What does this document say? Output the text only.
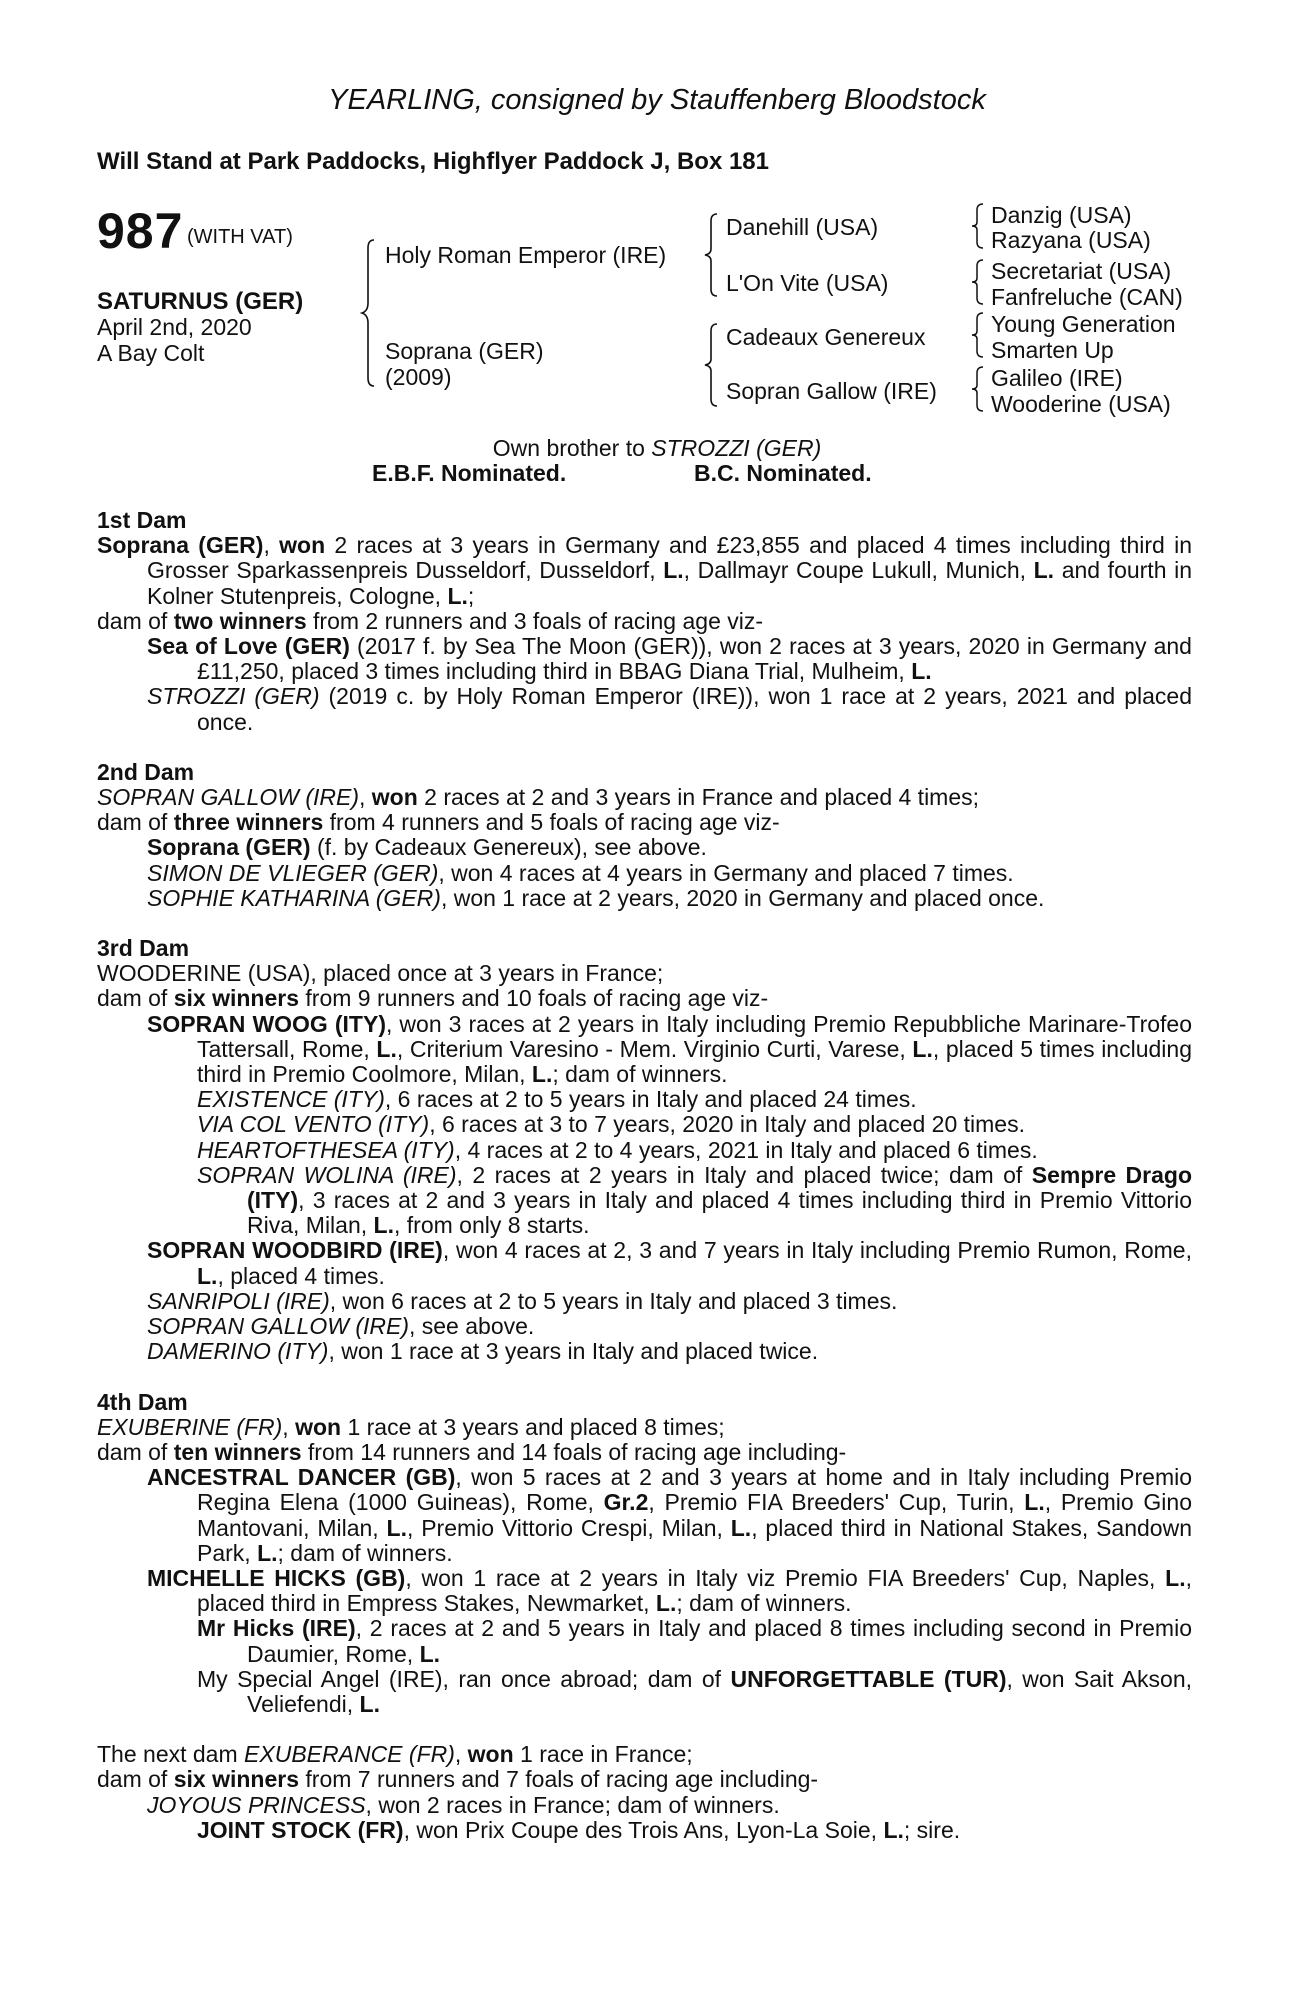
YEARLING, consigned by Stauffenberg Bloodstock
Will Stand at Park Paddocks, Highflyer Paddock J, Box 181
987 (WITH VAT)
SATURNUS (GER)
April 2nd, 2020
A Bay Colt
Holy Roman Emperor (IRE)
Soprana (GER)
(2009)
Danehill (USA)
L'On Vite (USA)
Cadeaux Genereux
Sopran Gallow (IRE)
Danzig (USA)
Razyana (USA)
Secretariat (USA)
Fanfreluche (CAN)
Young Generation
Smarten Up
Galileo (IRE)
Wooderine (USA)
Own brother to STROZZI (GER)
E.B.F. Nominated.	B.C. Nominated.

1st Dam

Soprana (GER), won 2 races at 3 years in Germany and £23,855 and placed 4 times including third in Grosser Sparkassenpreis Dusseldorf, Dusseldorf, L., Dallmayr Coupe Lukull, Munich, L. and fourth in Kolner Stutenpreis, Cologne, L.;

dam of two winners from 2 runners and 3 foals of racing age viz-

Sea of Love (GER) (2017 f. by Sea The Moon (GER)), won 2 races at 3 years, 2020 in Germany and £11,250, placed 3 times including third in BBAG Diana Trial, Mulheim, L.

STROZZI (GER) (2019 c. by Holy Roman Emperor (IRE)), won 1 race at 2 years, 2021 and placed once.

2nd Dam

SOPRAN GALLOW (IRE), won 2 races at 2 and 3 years in France and placed 4 times;

dam of three winners from 4 runners and 5 foals of racing age viz-

Soprana (GER) (f. by Cadeaux Genereux), see above.

SIMON DE VLIEGER (GER), won 4 races at 4 years in Germany and placed 7 times.

SOPHIE KATHARINA (GER), won 1 race at 2 years, 2020 in Germany and placed once.

3rd Dam

WOODERINE (USA), placed once at 3 years in France;

dam of six winners from 9 runners and 10 foals of racing age viz-

SOPRAN WOOG (ITY), won 3 races at 2 years in Italy including Premio Repubbliche Marinare-Trofeo Tattersall, Rome, L., Criterium Varesino - Mem. Virginio Curti, Varese, L., placed 5 times including third in Premio Coolmore, Milan, L.; dam of winners.

EXISTENCE (ITY), 6 races at 2 to 5 years in Italy and placed 24 times.

VIA COL VENTO (ITY), 6 races at 3 to 7 years, 2020 in Italy and placed 20 times.

HEARTOFTHESEA (ITY), 4 races at 2 to 4 years, 2021 in Italy and placed 6 times.

SOPRAN WOLINA (IRE), 2 races at 2 years in Italy and placed twice; dam of Sempre Drago (ITY), 3 races at 2 and 3 years in Italy and placed 4 times including third in Premio Vittorio Riva, Milan, L., from only 8 starts.

SOPRAN WOODBIRD (IRE), won 4 races at 2, 3 and 7 years in Italy including Premio Rumon, Rome, L., placed 4 times.

SANRIPOLI (IRE), won 6 races at 2 to 5 years in Italy and placed 3 times.

SOPRAN GALLOW (IRE), see above.

DAMERINO (ITY), won 1 race at 3 years in Italy and placed twice.

4th Dam

EXUBERINE (FR), won 1 race at 3 years and placed 8 times;

dam of ten winners from 14 runners and 14 foals of racing age including-

ANCESTRAL DANCER (GB), won 5 races at 2 and 3 years at home and in Italy including Premio Regina Elena (1000 Guineas), Rome, Gr.2, Premio FIA Breeders' Cup, Turin, L., Premio Gino Mantovani, Milan, L., Premio Vittorio Crespi, Milan, L., placed third in National Stakes, Sandown Park, L.; dam of winners.

MICHELLE HICKS (GB), won 1 race at 2 years in Italy viz Premio FIA Breeders' Cup, Naples, L., placed third in Empress Stakes, Newmarket, L.; dam of winners.

Mr Hicks (IRE), 2 races at 2 and 5 years in Italy and placed 8 times including second in Premio Daumier, Rome, L.

My Special Angel (IRE), ran once abroad; dam of UNFORGETTABLE (TUR), won Sait Akson, Veliefendi, L.

The next dam EXUBERANCE (FR), won 1 race in France;

dam of six winners from 7 runners and 7 foals of racing age including-

JOYOUS PRINCESS, won 2 races in France; dam of winners.

JOINT STOCK (FR), won Prix Coupe des Trois Ans, Lyon-La Soie, L.; sire.
